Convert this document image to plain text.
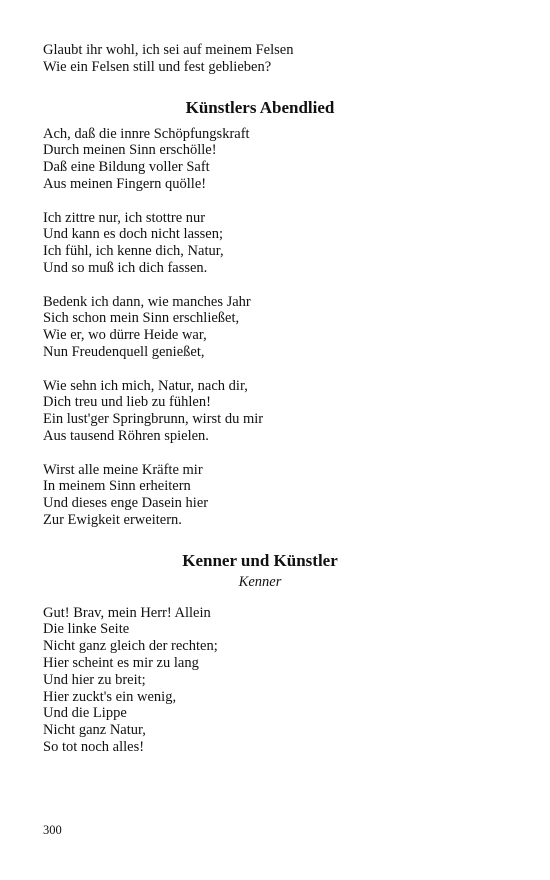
Glaubt ihr wohl, ich sei auf meinem Felsen
Wie ein Felsen still und fest geblieben?
Künstlers Abendlied
Ach, daß die innre Schöpfungskraft
Durch meinen Sinn erschölle!
Daß eine Bildung voller Saft
Aus meinen Fingern quölle!
Ich zittre nur, ich stottre nur
Und kann es doch nicht lassen;
Ich fühl, ich kenne dich, Natur,
Und so muß ich dich fassen.
Bedenk ich dann, wie manches Jahr
Sich schon mein Sinn erschließet,
Wie er, wo dürre Heide war,
Nun Freudenquell genießet,
Wie sehn ich mich, Natur, nach dir,
Dich treu und lieb zu fühlen!
Ein lust'ger Springbrunn, wirst du mir
Aus tausend Röhren spielen.
Wirst alle meine Kräfte mir
In meinem Sinn erheitern
Und dieses enge Dasein hier
Zur Ewigkeit erweitern.
Kenner und Künstler
Kenner
Gut! Brav, mein Herr! Allein
Die linke Seite
Nicht ganz gleich der rechten;
Hier scheint es mir zu lang
Und hier zu breit;
Hier zuckt's ein wenig,
Und die Lippe
Nicht ganz Natur,
So tot noch alles!
300
